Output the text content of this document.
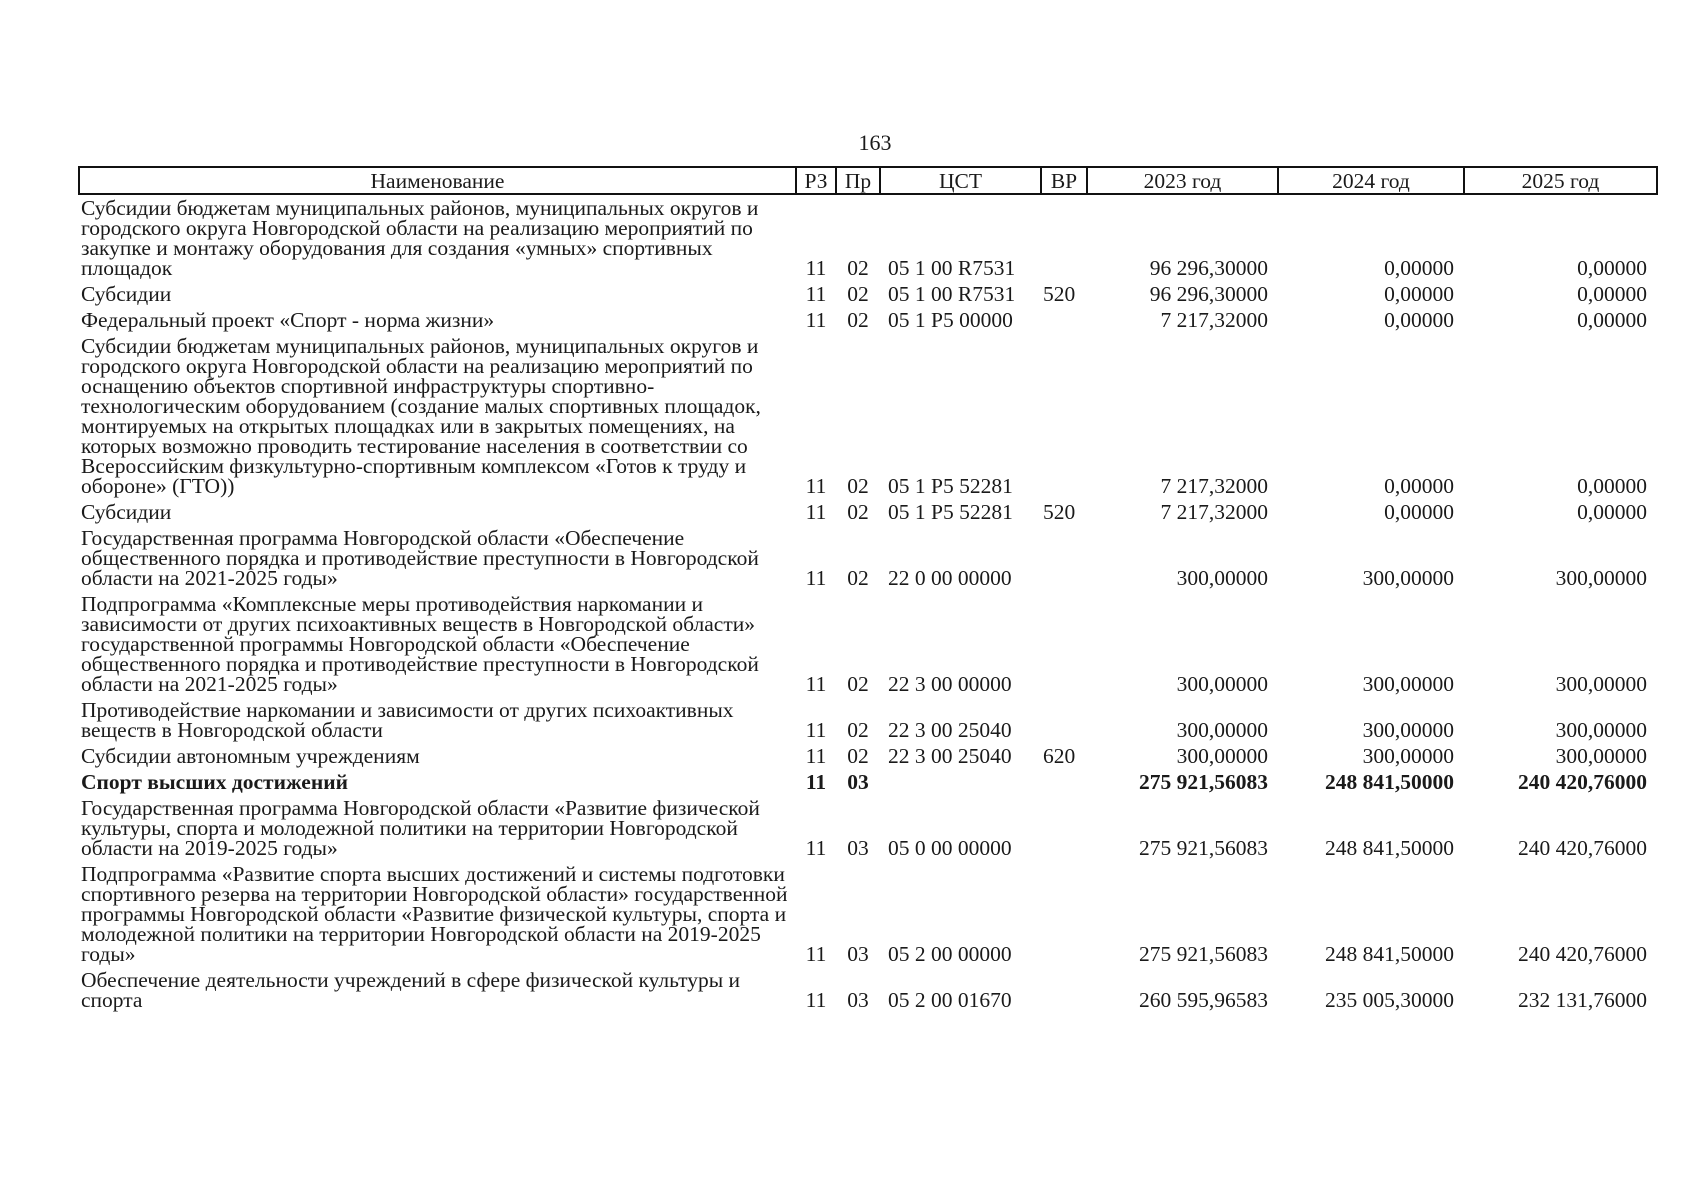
163
Наименование	РЗ	Пр	ЦСТ	ВР	2023 год	2024 год	2025 год
Субсидии бюджетам муниципальных районов, муниципальных округов и городского округа Новгородской области на реализацию мероприятий по закупке и монтажу оборудования для создания «умных» спортивных площадок	11	02	05 1 00 R7531		96 296,30000	0,00000	0,00000
Субсидии	11	02	05 1 00 R7531	520	96 296,30000	0,00000	0,00000
Федеральный проект «Спорт - норма жизни»	11	02	05 1 P5 00000		7 217,32000	0,00000	0,00000
Субсидии бюджетам муниципальных районов, муниципальных округов и городского округа Новгородской области на реализацию мероприятий по оснащению объектов спортивной инфраструктуры спортивно-технологическим оборудованием (создание малых спортивных площадок, монтируемых на открытых площадках или в закрытых помещениях, на которых возможно проводить тестирование населения в соответствии со Всероссийским физкультурно-спортивным комплексом «Готов к труду и обороне» (ГТО))	11	02	05 1 P5 52281		7 217,32000	0,00000	0,00000
Субсидии	11	02	05 1 P5 52281	520	7 217,32000	0,00000	0,00000
Государственная программа Новгородской области «Обеспечение общественного порядка и противодействие преступности в Новгородской области на 2021-2025 годы»	11	02	22 0 00 00000		300,00000	300,00000	300,00000
Подпрограмма «Комплексные меры противодействия наркомании и зависимости от других психоактивных веществ в Новгородской области» государственной программы Новгородской области «Обеспечение общественного порядка и противодействие преступности в Новгородской области на 2021-2025 годы»	11	02	22 3 00 00000		300,00000	300,00000	300,00000
Противодействие наркомании и зависимости от других психоактивных веществ в Новгородской области	11	02	22 3 00 25040		300,00000	300,00000	300,00000
Субсидии автономным учреждениям	11	02	22 3 00 25040	620	300,00000	300,00000	300,00000
Спорт высших достижений	11	03			275 921,56083	248 841,50000	240 420,76000
Государственная программа Новгородской области «Развитие физической культуры, спорта и молодежной политики на территории Новгородской области на 2019-2025 годы»	11	03	05 0 00 00000		275 921,56083	248 841,50000	240 420,76000
Подпрограмма «Развитие спорта высших достижений и системы подготовки спортивного резерва на территории Новгородской области» государственной программы Новгородской области «Развитие физической культуры, спорта и молодежной политики на территории Новгородской области на 2019-2025 годы»	11	03	05 2 00 00000		275 921,56083	248 841,50000	240 420,76000
Обеспечение деятельности учреждений в сфере физической культуры и спорта	11	03	05 2 00 01670		260 595,96583	235 005,30000	232 131,76000
